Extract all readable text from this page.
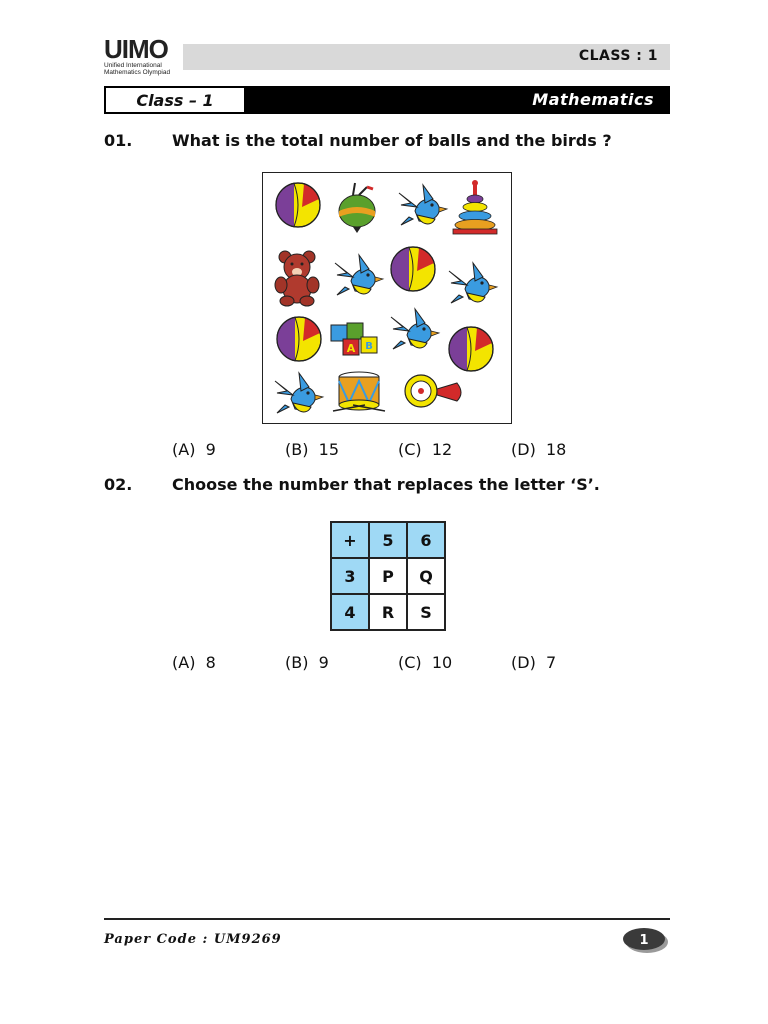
UIMO
Unified International
Mathematics Olympiad
CLASS : 1
Class – 1	Mathematics
01. What is the total number of balls and the birds ?
A B
(A) 9	(B) 15	(C) 12	(D) 18
02. Choose the number that replaces the letter ‘S’.
+	5	6
3	P	Q
4	R	S
(A) 8	(B) 9	(C) 10	(D) 7
Paper Code : UM9269	1
